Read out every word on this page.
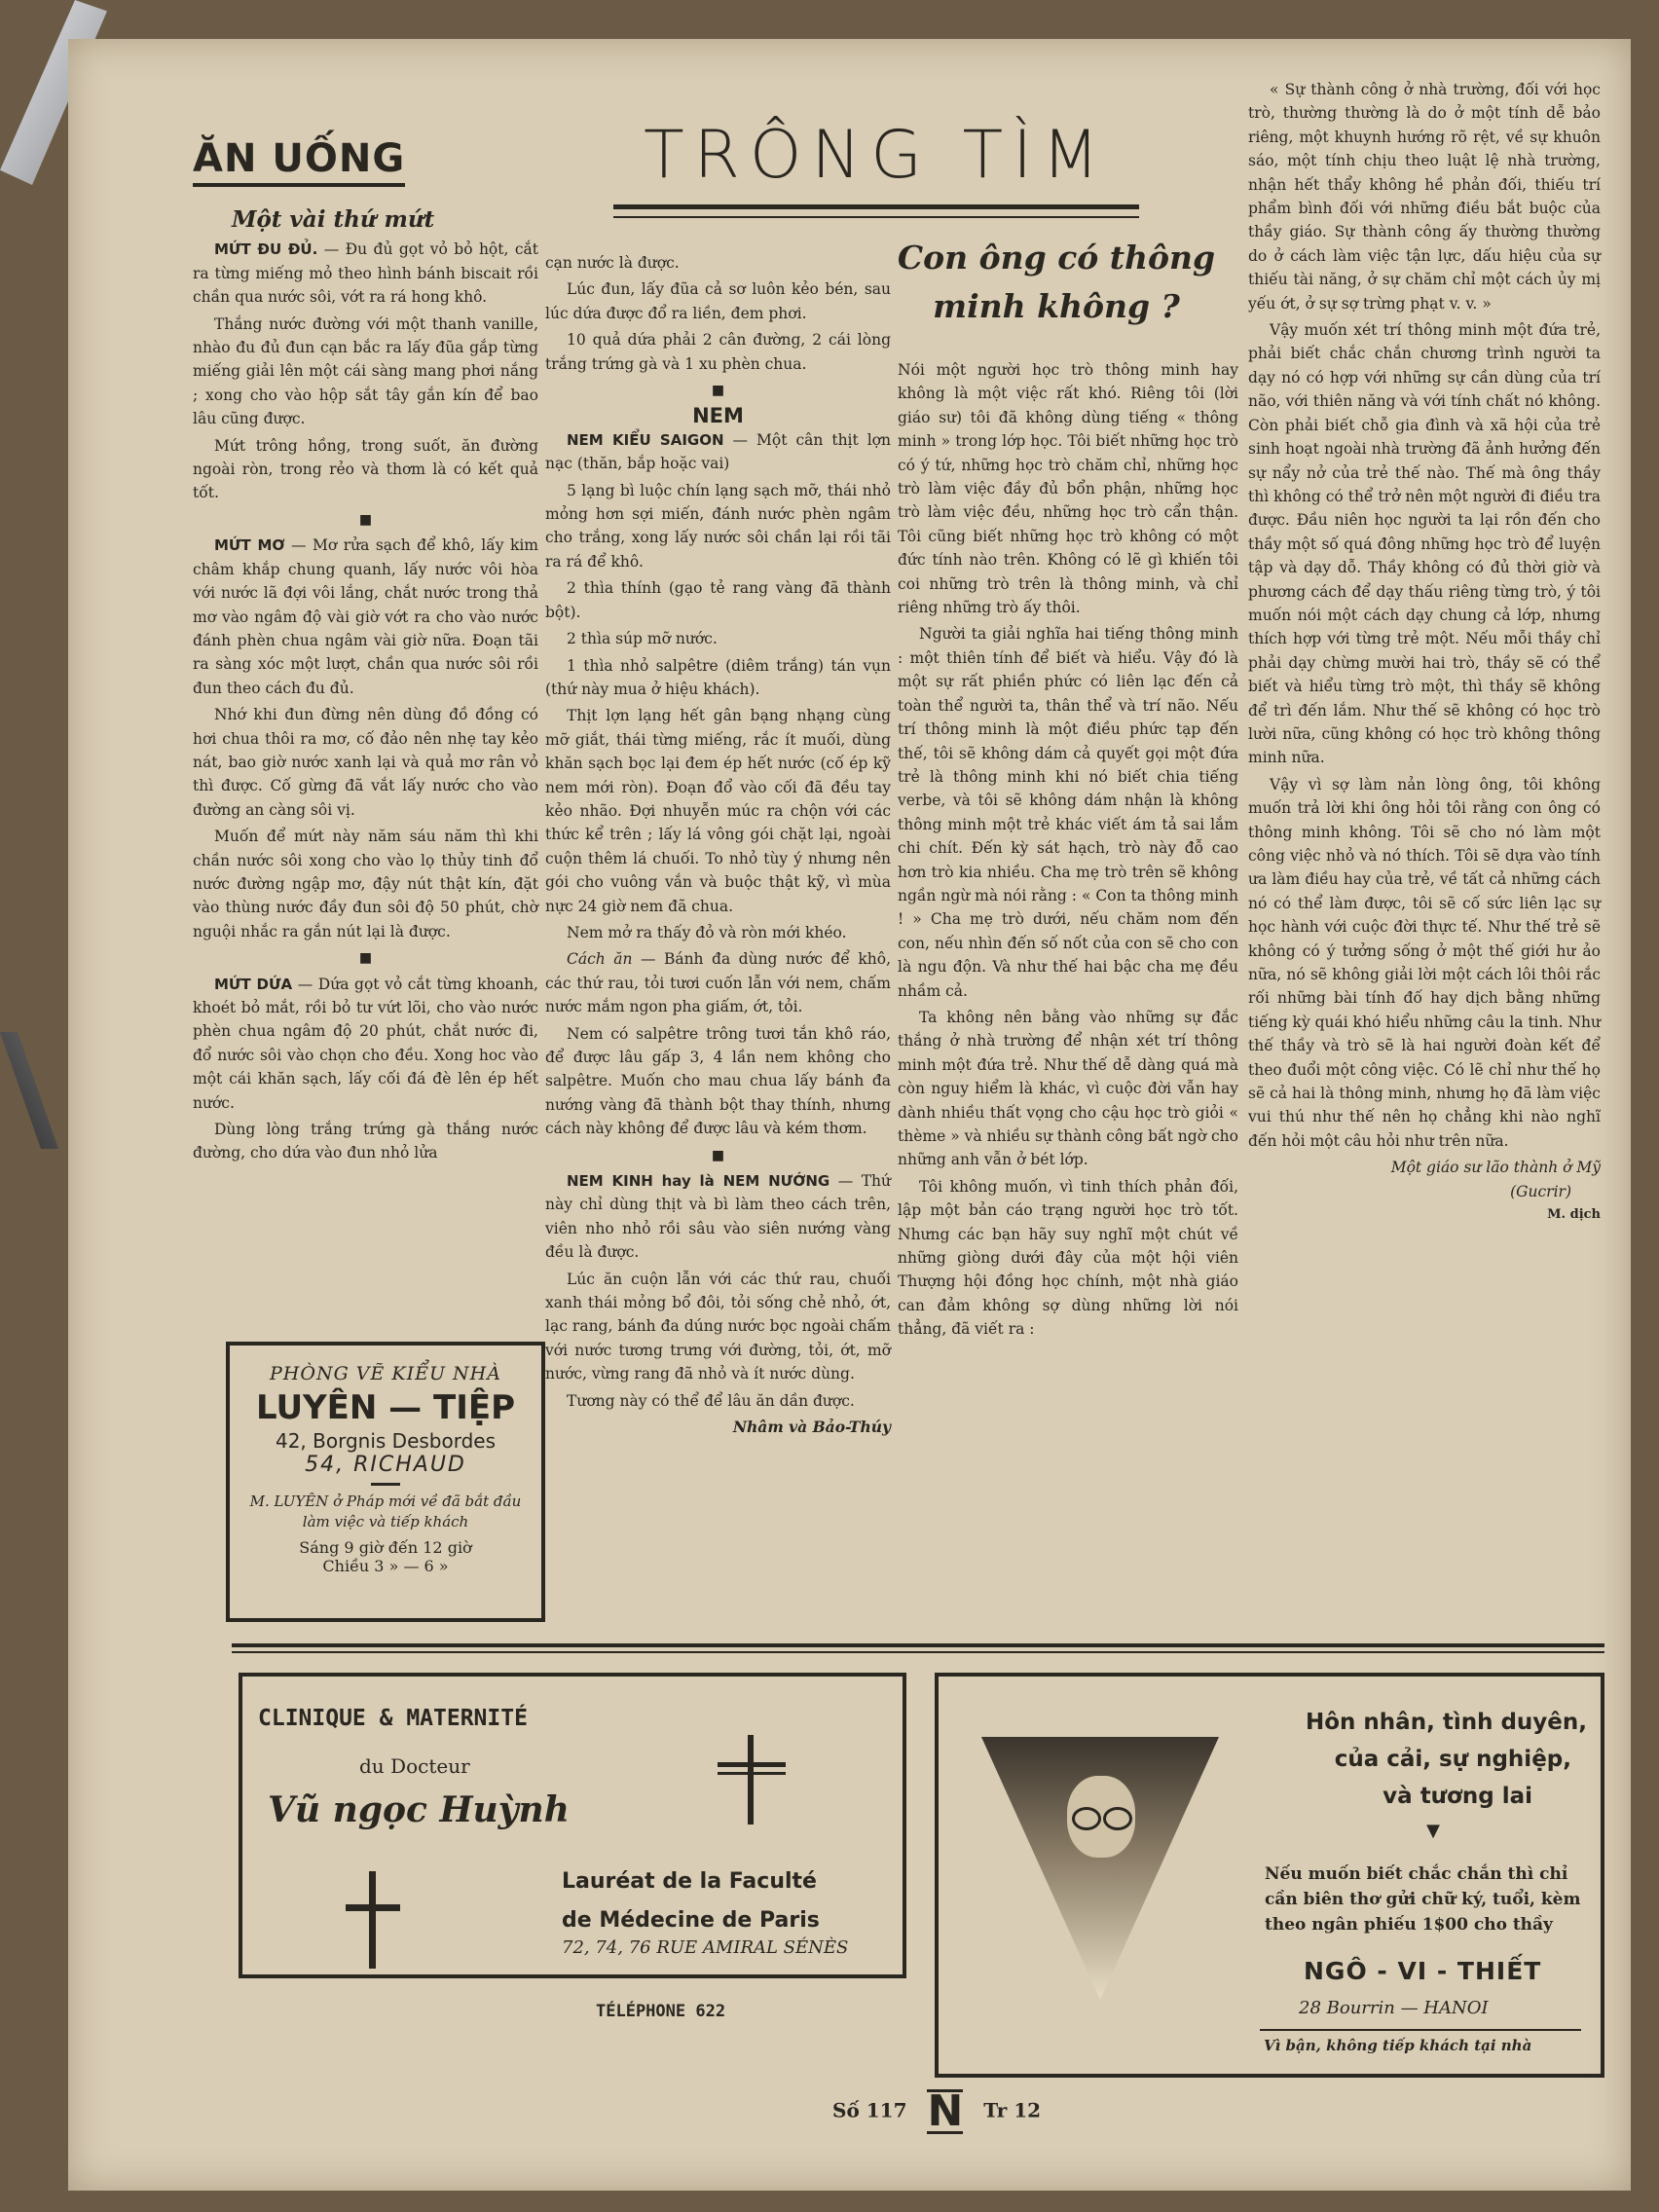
ĂN UỐNG	TRÔNG TÌM
Một vài thứ mứt

MỨT ĐU ĐỦ. — Đu đủ gọt vỏ bỏ hột, cắt ra từng miếng mỏ theo hình bánh biscait rồi chần qua nước sôi, vớt ra rá hong khô.

Thắng nước đường với một thanh vanille, nhào đu đủ đun cạn bắc ra lấy đũa gắp từng miếng giải lên một cái sàng mang phơi nắng ; xong cho vào hộp sắt tây gắn kín để bao lâu cũng được.

Mứt trông hồng, trong suốt, ăn đường ngoài ròn, trong rẻo và thơm là có kết quả tốt.

■

MỨT MƠ — Mơ rửa sạch để khô, lấy kim châm khắp chung quanh, lấy nước vôi hòa với nước lã đợi vôi lắng, chắt nước trong thả mơ vào ngâm độ vài giờ vớt ra cho vào nước đánh phèn chua ngâm vài giờ nữa. Đoạn tãi ra sàng xóc một lượt, chần qua nước sôi rồi đun theo cách đu đủ.

Nhớ khi đun đừng nên dùng đồ đồng có hơi chua thôi ra mơ, cố đảo nên nhẹ tay kẻo nát, bao giờ nước xanh lại và quả mơ rân vỏ thì được. Cố gừng đã vắt lấy nước cho vào đường an càng sôi vị.

Muốn để mứt này năm sáu năm thì khi chần nước sôi xong cho vào lọ thủy tinh đổ nước đường ngập mơ, đậy nút thật kín, đặt vào thùng nước đầy đun sôi độ 50 phút, chờ nguội nhắc ra gắn nút lại là được.

■

MỨT DỨA — Dứa gọt vỏ cắt từng khoanh, khoét bỏ mắt, rồi bỏ tư vứt lõi, cho vào nước phèn chua ngâm độ 20 phút, chắt nước đi, đổ nước sôi vào chọn cho đều. Xong hoc vào một cái khăn sạch, lấy cối đá đè lên ép hết nước.

Dùng lòng trắng trứng gà thắng nước đường, cho dứa vào đun nhỏ lửa

PHÒNG VẼ KIỂU NHÀ
LUYÊN — TIỆP
42, Borgnis Desbordes
54, RICHAUD
M. LUYÊN ở Pháp mới về đã bắt đầu làm việc và tiếp khách
Sáng 9 giờ đến 12 giờ
Chiều 3 » — 6 »

cạn nước là được.

Lúc đun, lấy đũa cả sơ luôn kẻo bén, sau lúc dứa được đổ ra liền, đem phơi.

10 quả dứa phải 2 cân đường, 2 cái lòng trắng trứng gà và 1 xu phèn chua.

■
NEM

NEM KIỂU SAIGON — Một cân thịt lợn nạc (thăn, bắp hoặc vai)

5 lạng bì luộc chín lạng sạch mỡ, thái nhỏ mỏng hơn sợi miến, đánh nước phèn ngâm cho trắng, xong lấy nước sôi chần lại rồi tãi ra rá để khô.

2 thìa thính (gạo tẻ rang vàng đã thành bột).

2 thìa súp mỡ nước.

1 thìa nhỏ salpêtre (diêm trắng) tán vụn (thứ này mua ở hiệu khách).

Thịt lợn lạng hết gân bạng nhạng cùng mỡ giắt, thái từng miếng, rắc ít muối, dùng khăn sạch bọc lại đem ép hết nước (cố ép kỹ nem mới ròn). Đoạn đổ vào cối đã đều tay kẻo nhão. Đợi nhuyễn múc ra chộn với các thức kể trên ; lấy lá vông gói chặt lại, ngoài cuộn thêm lá chuối. To nhỏ tùy ý nhưng nên gói cho vuông vắn và buộc thật kỹ, vì mùa nực 24 giờ nem đã chua.

Nem mở ra thấy đỏ và ròn mới khéo.

Cách ăn — Bánh đa dùng nước để khô, các thứ rau, tỏi tươi cuốn lẫn với nem, chấm nước mắm ngon pha giấm, ớt, tỏi.

Nem có salpêtre trông tươi tắn khô ráo, để được lâu gấp 3, 4 lần nem không cho salpêtre. Muốn cho mau chua lấy bánh đa nướng vàng đã thành bột thay thính, nhưng cách này không để được lâu và kém thơm.

■

NEM KINH hay là NEM NƯỚNG — Thứ này chỉ dùng thịt và bì làm theo cách trên, viên nho nhỏ rồi sâu vào siên nướng vàng đều là được.

Lúc ăn cuộn lẫn với các thứ rau, chuối xanh thái mỏng bổ đôi, tỏi sống chẻ nhỏ, ớt, lạc rang, bánh đa dúng nước bọc ngoài chấm với nước tương trưng với đường, tỏi, ớt, mỡ nước, vừng rang đã nhỏ và ít nước dùng.

Tương này có thể để lâu ăn dần được.

Nhâm và Bảo-Thúy
Con ông có thông minh không ?

Nói một người học trò thông minh hay không là một việc rất khó. Riêng tôi (lời giáo sư) tôi đã không dùng tiếng « thông minh » trong lớp học. Tôi biết những học trò có ý tứ, những học trò chăm chỉ, những học trò làm việc đầy đủ bổn phận, những học trò làm việc đều, những học trò cẩn thận. Tôi cũng biết những học trò không có một đức tính nào trên. Không có lẽ gì khiến tôi coi những trò trên là thông minh, và chỉ riêng những trò ấy thôi.

Người ta giải nghĩa hai tiếng thông minh : một thiên tính để biết và hiểu. Vậy đó là một sự rất phiền phức có liên lạc đến cả toàn thể người ta, thân thể và trí não. Nếu trí thông minh là một điều phức tạp đến thế, tôi sẽ không dám cả quyết gọi một đứa trẻ là thông minh khi nó biết chia tiếng verbe, và tôi sẽ không dám nhận là không thông minh một trẻ khác viết ám tả sai lắm chi chít. Đến kỳ sát hạch, trò này đỗ cao hơn trò kia nhiều. Cha mẹ trò trên sẽ không ngần ngừ mà nói rằng : « Con ta thông minh ! » Cha mẹ trò dưới, nếu chăm nom đến con, nếu nhìn đến số nốt của con sẽ cho con là ngu độn. Và như thế hai bậc cha mẹ đều nhầm cả.

Ta không nên bằng vào những sự đắc thắng ở nhà trường để nhận xét trí thông minh một đứa trẻ. Như thế dễ dàng quá mà còn nguy hiểm là khác, vì cuộc đời vẫn hay dành nhiều thất vọng cho cậu học trò giỏi « thème » và nhiều sự thành công bất ngờ cho những anh vẫn ở bét lớp.

Tôi không muốn, vì tinh thích phản đối, lập một bản cáo trạng người học trò tốt. Nhưng các bạn hãy suy nghĩ một chút về những giòng dưới đây của một hội viên Thượng hội đồng học chính, một nhà giáo can đảm không sợ dùng những lời nói thẳng, đã viết ra :

« Sự thành công ở nhà trường, đối với học trò, thường thường là do ở một tính dễ bảo riêng, một khuynh hướng rõ rệt, về sự khuôn sáo, một tính chịu theo luật lệ nhà trường, nhận hết thẩy không hề phản đối, thiếu trí phẩm bình đối với những điều bắt buộc của thầy giáo. Sự thành công ấy thường thường do ở cách làm việc tận lực, dấu hiệu của sự thiếu tài năng, ở sự chăm chỉ một cách ủy mị yếu ớt, ở sự sợ trừng phạt v. v. »

Vậy muốn xét trí thông minh một đứa trẻ, phải biết chắc chắn chương trình người ta dạy nó có hợp với những sự cần dùng của trí não, với thiên năng và với tính chất nó không. Còn phải biết chỗ gia đình và xã hội của trẻ sinh hoạt ngoài nhà trường đã ảnh hưởng đến sự nẩy nở của trẻ thế nào. Thế mà ông thầy thì không có thể trở nên một người đi điều tra được. Đầu niên học người ta lại rồn đến cho thầy một số quá đông những học trò để luyện tập và dạy dỗ. Thầy không có đủ thời giờ và phương cách để dạy thấu riêng từng trò, ý tôi muốn nói một cách dạy chung cả lớp, nhưng thích hợp với từng trẻ một. Nếu mỗi thầy chỉ phải dạy chừng mười hai trò, thầy sẽ có thể biết và hiểu từng trò một, thì thầy sẽ không để trì đến lắm. Như thế sẽ không có học trò lười nữa, cũng không có học trò không thông minh nữa.

Vậy vì sợ làm nản lòng ông, tôi không muốn trả lời khi ông hỏi tôi rằng con ông có thông minh không. Tôi sẽ cho nó làm một công việc nhỏ và nó thích. Tôi sẽ dựa vào tính ưa làm điều hay của trẻ, về tất cả những cách nó có thể làm được, tôi sẽ cố sức liên lạc sự học hành với cuộc đời thực tế. Như thế trẻ sẽ không có ý tưởng sống ở một thế giới hư ảo nữa, nó sẽ không giải lời một cách lôi thôi rắc rối những bài tính đố hay dịch bằng những tiếng kỳ quái khó hiểu những câu la tinh. Như thế thầy và trò sẽ là hai người đoàn kết để theo đuổi một công việc. Có lẽ chỉ như thế họ sẽ cả hai là thông minh, nhưng họ đã làm việc vui thú như thế nên họ chẳng khi nào nghĩ đến hỏi một câu hỏi như trên nữa.

Một giáo sư lão thành ở Mỹ
(Gucrir)
M. dịch
CLINIQUE & MATERNITÉ
du Docteur
Vũ ngọc Huỳnh
Lauréat de la Faculté
de Médecine de Paris
72, 74, 76 RUE AMIRAL SÉNÈS
TÉLÉPHONE 622
Hôn nhân, tình duyên,
của cải, sự nghiệp,
và tương lai
▼
Nếu muốn biết chắc chắn thì chỉ cần biên thơ gửi chữ ký, tuổi, kèm theo ngân phiếu 1$00 cho thầy
NGÔ - VI - THIẾT
28 Bourrin — HANOI
Vì bận, không tiếp khách tại nhà
Số 117 N Tr 12
